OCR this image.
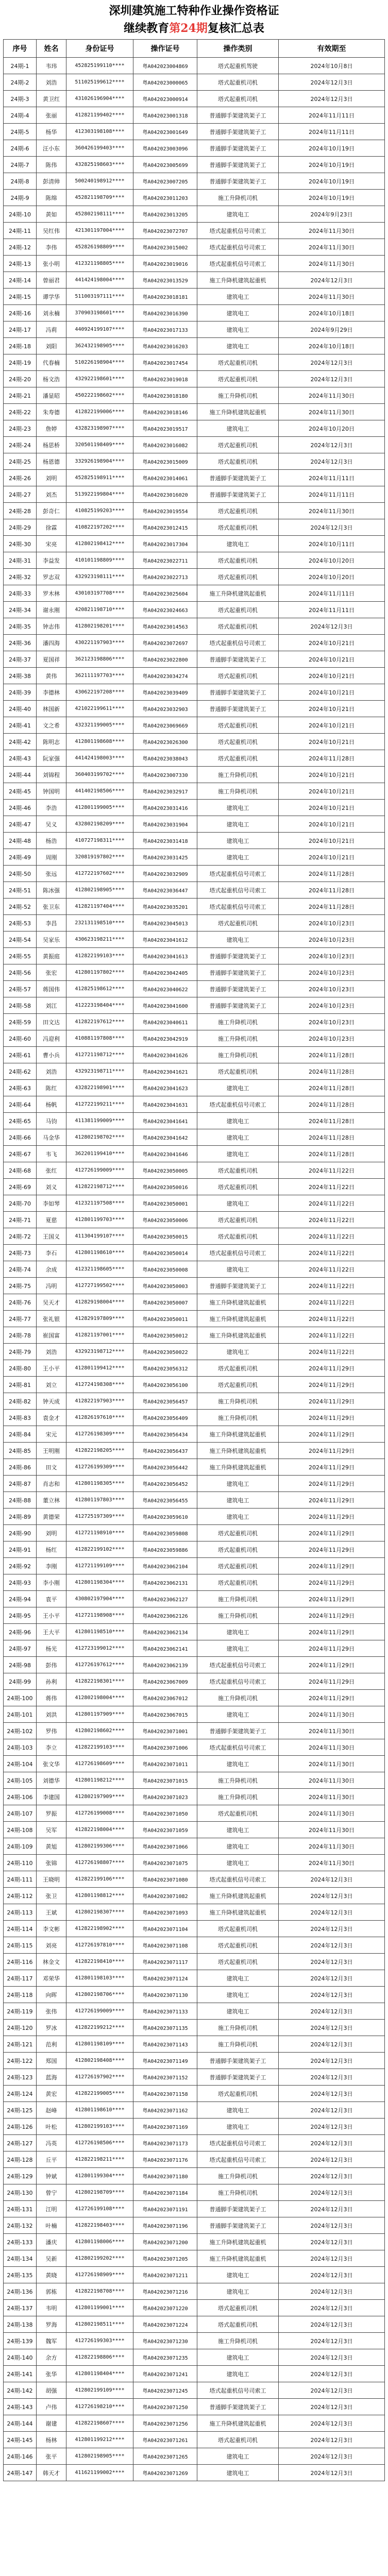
深圳建筑施工特种作业操作资格证
继续教育第24期复核汇总表
序号	姓名	身份证号	操作证号	操作类别	有效期至
24期-1	韦玮	452825199110****	粤A042023004869	塔式起重机驾驶	2024年10月8日
24期-2	刘浩	511025199612****	粤A042023000065	塔式起重机司机	2024年12月3日
24期-3	黄卫红	431026196904****	粤A042023000914	塔式起重机司机	2024年12月3日
24期-4	张丽	412821199402****	粤A042023001318	普通脚手架建筑架子工	2024年11月11日
24期-5	杨华	412303198108****	粤A042023001649	普通脚手架建筑架子工	2024年11月11日
24期-6	汪小东	360426199403****	粤A042023003096	普通脚手架建筑架子工	2024年10月19日
24期-7	陈伟	432825198603****	粤A042023005699	普通脚手架建筑架子工	2024年10月19日
24期-8	彭清帅	500240198912****	粤A042023007205	普通脚手架建筑架子工	2024年10月19日
24期-9	陈绵	452821198709****	粤A042023011203	施工升降机司机	2024年10月19日
24期-10	黄如	452802198111****	粤A042023013205	建筑电工	2024年9月23日
24期-11	吴红伟	421301197004****	粤A042023072707	塔式起重机信号司索工	2024年11月30日
24期-12	李伟	452826198809****	粤A042023015002	塔式起重机信号司索工	2024年11月30日
24期-13	张小明	412321198805****	粤A042023019016	塔式起重机信号司索工	2024年11月30日
24期-14	曾丽君	441424198004****	粤A042023013529	施工升降机建筑起重机	2024年12月3日
24期-15	谭学华	511003197111****	粤A042023018181	建筑电工	2024年11月30日
24期-16	刘永楠	370903198601****	粤A042023016390	建筑电工	2024年10月18日
24期-17	冯莉	440924199107****	粤A042023017133	建筑电工	2024年9月29日
24期-18	刘阳	362432198905****	粤A042023016203	建筑电工	2024年10月18日
24期-19	代春楠	510226198904****	粤A042023017454	塔式起重机司机	2024年12月3日
24期-20	杨文浩	432922198601****	粤A042023019018	塔式起重机司机	2024年12月3日
24期-21	潘显昭	450222198602****	粤A042023018180	施工升降机司机	2024年11月30日
24期-22	朱寿德	412822199006****	粤A042023018146	施工升降机建筑起重机	2024年11月30日
24期-23	詹婷	432823198907****	粤A042023019517	建筑电工	2024年10月20日
24期-24	杨思桥	320501198409****	粤A042023016082	塔式起重机司机	2024年12月3日
24期-25	杨恩德	332926198904****	粤A042023015009	塔式起重机司机	2024年12月3日
24期-26	刘明	452825198911****	粤A042023014061	普通脚手架建筑架子工	2024年11月11日
24期-27	刘杰	513922199804****	粤A042023016020	普通脚手架建筑架子工	2024年11月11日
24期-28	彭奇仁	410825199203****	粤A042023019554	塔式起重机司机	2024年11月30日
24期-29	徐霖	410822197202****	粤A042023012415	塔式起重机司机	2024年12月3日
24期-30	宋亮	412802198412****	粤A042023017304	建筑电工	2024年10月11日
24期-31	李益发	410101198809****	粤A042023022711	塔式起重机司机	2024年10月20日
24期-32	罗志双	432923198111****	粤A042023022713	塔式起重机司机	2024年10月20日
24期-33	罗木林	430103197708****	粤A042023025604	施工升降机建筑起重机	2024年11月11日
24期-34	谢永刚	420821198710****	粤A042023024663	塔式起重机司机	2024年11月11日
24期-35	钟志伟	412802198201****	粤A042023014563	塔式起重机司机	2024年12月3日
24期-36	潘四海	430221197903****	粤A042023072697	塔式起重机信号司索工	2024年10月21日
24期-37	夏国祥	362123198806****	粤A042023022800	普通脚手架建筑架子工	2024年10月21日
24期-38	黄伟	362111197703****	粤A042023034274	塔式起重机司机	2024年10月21日
24期-39	李德林	430622197208****	粤A042023039409	普通脚手架建筑架子工	2024年10月21日
24期-40	林国新	421022199611****	粤A042023032903	普通脚手架建筑架子工	2024年10月21日
24期-41	文之希	432321199005****	粤A042023069669	塔式起重机司机	2024年10月21日
24期-42	陈明志	412801198608****	粤A042023026300	塔式起重机司机	2024年10月21日
24期-43	阮家强	441424198003****	粤A042023038043	塔式起重机司机	2024年11月28日
24期-44	刘锦程	360403199702****	粤A042023007330	施工升降机司机	2024年10月21日
24期-45	钟国明	441402198506****	粤A042023032917	施工升降机司机	2024年10月21日
24期-46	李浩	412801199005****	粤A042023031416	建筑电工	2024年10月21日
24期-47	吴义	432802198209****	粤A042023031904	建筑电工	2024年10月21日
24期-48	杨浩	410727198311****	粤A042023031418	建筑电工	2024年10月21日
24期-49	周刚	320819197802****	粤A042023031425	建筑电工	2024年10月21日
24期-50	张远	412722197602****	粤A042023032909	塔式起重机信号司索工	2024年11月28日
24期-51	陈冰强	412802198905****	粤A042023036447	塔式起重机信号司索工	2024年11月28日
24期-52	张卫东	412821197404****	粤A042023035201	塔式起重机信号司索工	2024年11月28日
24期-53	李昌	232131198510****	粤A042023045013	塔式起重机司机	2024年10月23日
24期-54	吴家乐	430623198211****	粤A042023041612	建筑电工	2024年10月23日
24期-55	黄振庭	412822199103****	粤A042023041613	普通脚手架建筑架子工	2024年10月23日
24期-56	张宏	412801197802****	粤A042023042405	普通脚手架建筑架子工	2024年10月23日
24期-57	蒋国伟	412825198612****	粤A042023040622	普通脚手架建筑架子工	2024年10月23日
24期-58	刘江	412223198404****	粤A042023041600	普通脚手架建筑架子工	2024年10月23日
24期-59	田文达	412822197612****	粤A042023040611	施工升降机司机	2024年10月23日
24期-60	冯迎利	410881197808****	粤A042023042919	施工升降机司机	2024年10月23日
24期-61	曹小兵	412721198712****	粤A042023041626	施工升降机司机	2024年11月28日
24期-62	刘浩	432923198711****	粤A042023041621	塔式起重机司机	2024年11月28日
24期-63	陈红	432822198901****	粤A042023041623	建筑电工	2024年11月28日
24期-64	杨帆	412722199211****	粤A042023041631	塔式起重机信号司索工	2024年11月28日
24期-65	马钧	411381199009****	粤A042023041641	建筑电工	2024年11月28日
24期-66	马金华	412802198702****	粤A042023041642	建筑电工	2024年11月28日
24期-67	韦飞	362201199410****	粤A042023041646	建筑电工	2024年11月28日
24期-68	张红	412726199009****	粤A042023050005	塔式起重机司机	2024年11月22日
24期-69	刘义	412822198712****	粤A042023050016	塔式起重机司机	2024年11月22日
24期-70	李如琴	412321197508****	粤A042023050001	建筑电工	2024年11月22日
24期-71	夏慈	412801199703****	粤A042023050006	塔式起重机司机	2024年11月22日
24期-72	王国义	411304199107****	粤A042023050015	塔式起重机司机	2024年11月22日
24期-73	李石	412801198610****	粤A042023050014	塔式起重机信号司索工	2024年11月22日
24期-74	余成	412321198605****	粤A042023050008	建筑电工	2024年11月22日
24期-75	冯明	412727199502****	粤A042023050003	普通脚手架建筑架子工	2024年11月22日
24期-76	吴天才	412829198004****	粤A042023050007	施工升降机建筑起重机	2024年11月22日
24期-77	张礼银	412829197809****	粤A042023050011	施工升降机建筑起重机	2024年11月22日
24期-78	崔国富	412821197001****	粤A042023050012	施工升降机建筑起重机	2024年11月22日
24期-79	刘浩	432923198712****	粤A042023050022	建筑电工	2024年11月22日
24期-80	王小平	412801199412****	粤A042023056312	塔式起重机司机	2024年11月29日
24期-81	刘立	412724198308****	粤A042023056100	塔式起重机司机	2024年11月29日
24期-82	钟天成	412822197903****	粤A042023056457	施工升降机司机	2024年11月29日
24期-83	袁金才	412826197610****	粤A042023056409	施工升降机司机	2024年11月29日
24期-84	宋元	412726198309****	粤A042023056434	施工升降机建筑起重机	2024年11月29日
24期-85	王明刚	412822198205****	粤A042023056437	施工升降机建筑起重机	2024年11月29日
24期-86	田文	412726199309****	粤A042023056442	施工升降机建筑起重机	2024年11月29日
24期-87	肖志和	412801198305****	粤A042023056452	建筑电工	2024年11月29日
24期-88	董立林	412801197803****	粤A042023056455	建筑电工	2024年11月29日
24期-89	黄德荣	412725197309****	粤A042023059610	建筑电工	2024年11月29日
24期-90	刘明	412721198910****	粤A042023059808	塔式起重机司机	2024年11月29日
24期-91	杨红	412822199102****	粤A042023059886	塔式起重机司机	2024年11月29日
24期-92	李刚	412721199109****	粤A042023062104	塔式起重机司机	2024年11月29日
24期-93	李小刚	412801198304****	粤A042023062131	塔式起重机司机	2024年11月29日
24期-94	袁平	430802197904****	粤A042023062127	施工升降机司机	2024年11月29日
24期-95	王小平	412721198908****	粤A042023062126	施工升降机司机	2024年11月29日
24期-96	王大平	412801198510****	粤A042023062134	建筑电工	2024年11月29日
24期-97	杨光	412723199012****	粤A042023062141	建筑电工	2024年11月29日
24期-98	彭伟	412726197612****	粤A042023062139	塔式起重机信号司索工	2024年11月29日
24期-99	孙利	412822198301****	粤A042023067009	塔式起重机信号司索工	2024年11月29日
24期-100	蒋伟	412802198004****	粤A042023067012	施工升降机司机	2024年11月29日
24期-101	刘洪	412801197909****	粤A042023067015	建筑电工	2024年11月30日
24期-102	罗伟	412802198602****	粤A042023071001	普通脚手架建筑架子工	2024年11月30日
24期-103	李立	412822199103****	粤A042023071006	塔式起重机信号司索工	2024年11月30日
24期-104	张文华	412726198609****	粤A042023071011	建筑电工	2024年11月30日
24期-105	刘德华	412801198212****	粤A042023071015	施工升降机司机	2024年11月30日
24期-106	李建国	412802197909****	粤A042023071023	施工升降机司机	2024年11月30日
24期-107	罗振	412726199008****	粤A042023071050	塔式起重机司机	2024年11月30日
24期-108	吴军	412822198004****	粤A042023071059	建筑电工	2024年11月30日
24期-109	黄旭	412802199306****	粤A042023071066	建筑电工	2024年11月30日
24期-110	张锦	412726198807****	粤A042023071075	建筑电工	2024年11月30日
24期-111	王晓明	412822199106****	粤A042023071080	塔式起重机信号司索工	2024年12月3日
24期-112	张卫	412801198812****	粤A042023071082	施工升降机建筑起重机	2024年12月3日
24期-113	王斌	412802198307****	粤A042023071093	施工升降机建筑起重机	2024年12月3日
24期-114	李文彬	412822198902****	粤A042023071104	塔式起重机司机	2024年12月3日
24期-115	刘亮	412726197810****	粤A042023071108	塔式起重机司机	2024年12月3日
24期-116	林金文	412822198410****	粤A042023071117	塔式起重机司机	2024年12月3日
24期-117	邓荣华	412801198103****	粤A042023071124	建筑电工	2024年12月3日
24期-118	向晖	412802198706****	粤A042023071130	建筑电工	2024年12月3日
24期-119	张伟	412726199009****	粤A042023071133	建筑电工	2024年12月3日
24期-120	罗冰	412822199212****	粤A042023071135	施工升降机司机	2024年12月3日
24期-121	范利	412801198109****	粤A042023071143	施工升降机司机	2024年12月3日
24期-122	郑国	412802198408****	粤A042023071149	普通脚手架建筑架子工	2024年12月3日
24期-123	蓝海	412726197902****	粤A042023071152	普通脚手架建筑架子工	2024年12月3日
24期-124	黄宏	412822199005****	粤A042023071158	塔式起重机司机	2024年12月3日
24期-125	赵峰	412801198610****	粤A042023071162	建筑电工	2024年12月3日
24期-126	叶松	412802199103****	粤A042023071169	建筑电工	2024年12月3日
24期-127	冯英	412726198506****	粤A042023071173	塔式起重机信号司索工	2024年12月3日
24期-128	丘平	412822198211****	粤A042023071176	塔式起重机信号司索工	2024年12月3日
24期-129	钟斌	412801199304****	粤A042023071180	施工升降机司机	2024年12月3日
24期-130	曾宁	412802198709****	粤A042023071184	施工升降机司机	2024年12月3日
24期-131	江明	412726199108****	粤A042023071191	普通脚手架建筑架子工	2024年12月3日
24期-132	叶楠	412822198403****	粤A042023071196	普通脚手架建筑架子工	2024年12月3日
24期-133	潘庆	412801198006****	粤A042023071200	施工升降机建筑起重机	2024年12月3日
24期-134	吴新	412802199202****	粤A042023071205	施工升降机建筑起重机	2024年12月3日
24期-135	黄晓	412726198909****	粤A042023071211	建筑电工	2024年12月3日
24期-136	郭栋	412822198708****	粤A042023071216	建筑电工	2024年12月3日
24期-137	韦明	412801199001****	粤A042023071220	塔式起重机司机	2024年12月3日
24期-138	罗海	412802198511****	粤A042023071224	塔式起重机司机	2024年12月3日
24期-139	魏军	412726199303****	粤A042023071230	施工升降机司机	2024年12月3日
24期-140	余方	412822198806****	粤A042023071235	建筑电工	2024年12月3日
24期-141	张华	412801198404****	粤A042023071241	建筑电工	2024年12月3日
24期-142	胡强	412802199109****	粤A042023071245	塔式起重机信号司索工	2024年12月3日
24期-143	卢伟	412726198210****	粤A042023071250	普通脚手架建筑架子工	2024年12月3日
24期-144	谢建	412822198607****	粤A042023071256	施工升降机建筑起重机	2024年12月3日
24期-145	杨林	412801199212****	粤A042023071261	塔式起重机司机	2024年12月3日
24期-146	张平	412802198905****	粤A042023071265	建筑电工	2024年12月3日
24期-147	韩天才	411621199002****	粤A042023071269	建筑电工	2024年12月3日
